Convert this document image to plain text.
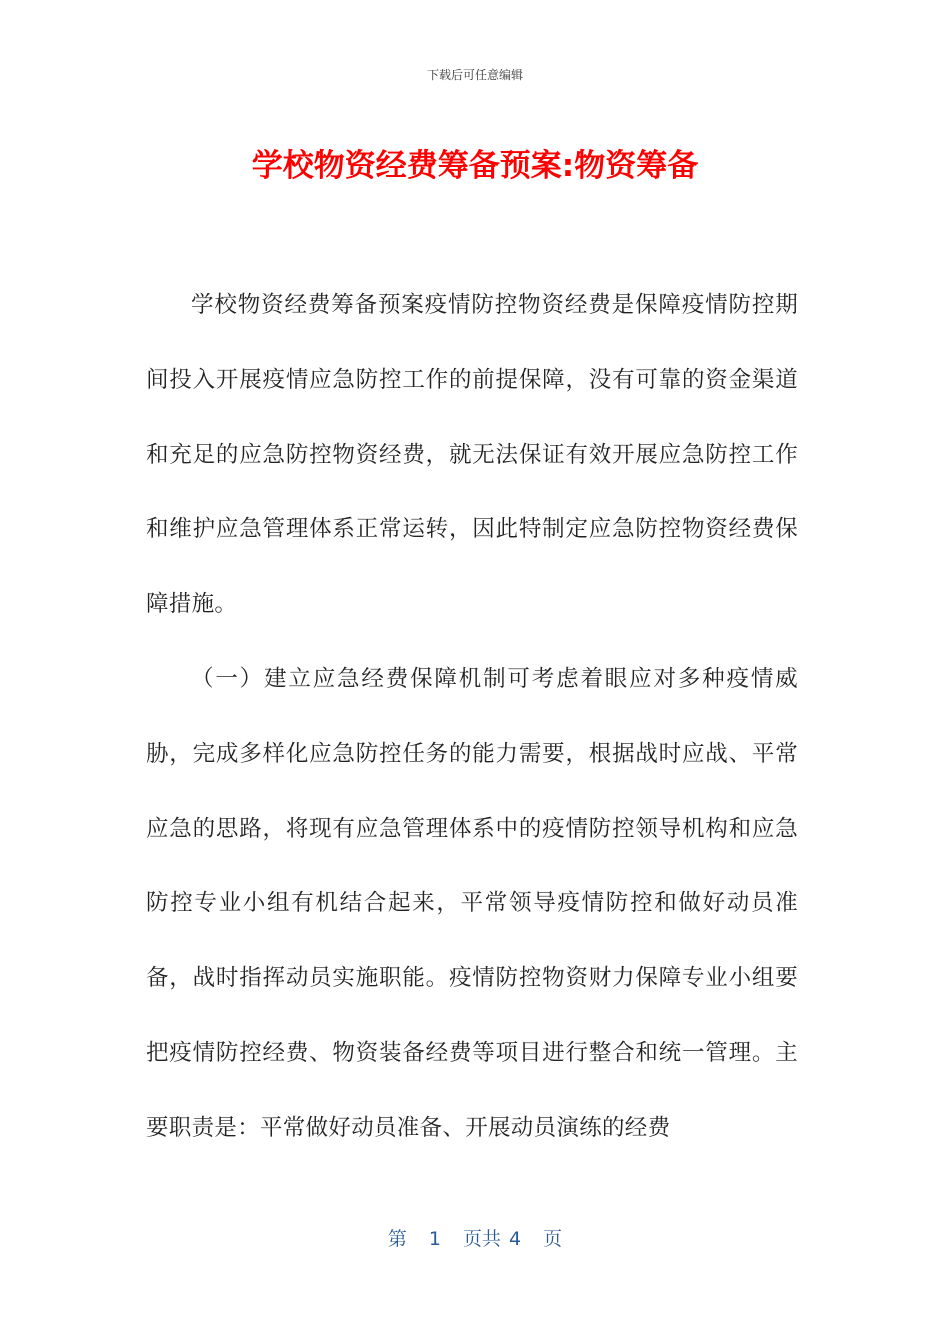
下载后可任意编辑
学校物资经费筹备预案:物资筹备

学校物资经费筹备预案疫情防控物资经费是保障疫情防控期间投入开展疫情应急防控工作的前提保障，没有可靠的资金渠道和充足的应急防控物资经费，就无法保证有效开展应急防控工作和维护应急管理体系正常运转，因此特制定应急防控物资经费保障措施。

（一）建立应急经费保障机制可考虑着眼应对多种疫情威胁，完成多样化应急防控任务的能力需要，根据战时应战、平常应急的思路，将现有应急管理体系中的疫情防控领导机构和应急防控专业小组有机结合起来，平常领导疫情防控和做好动员准备，战时指挥动员实施职能。疫情防控物资财力保障专业小组要把疫情防控经费、物资装备经费等项目进行整合和统一管理。主要职责是：平常做好动员准备、开展动员演练的经费

第 1 页共 4 页
